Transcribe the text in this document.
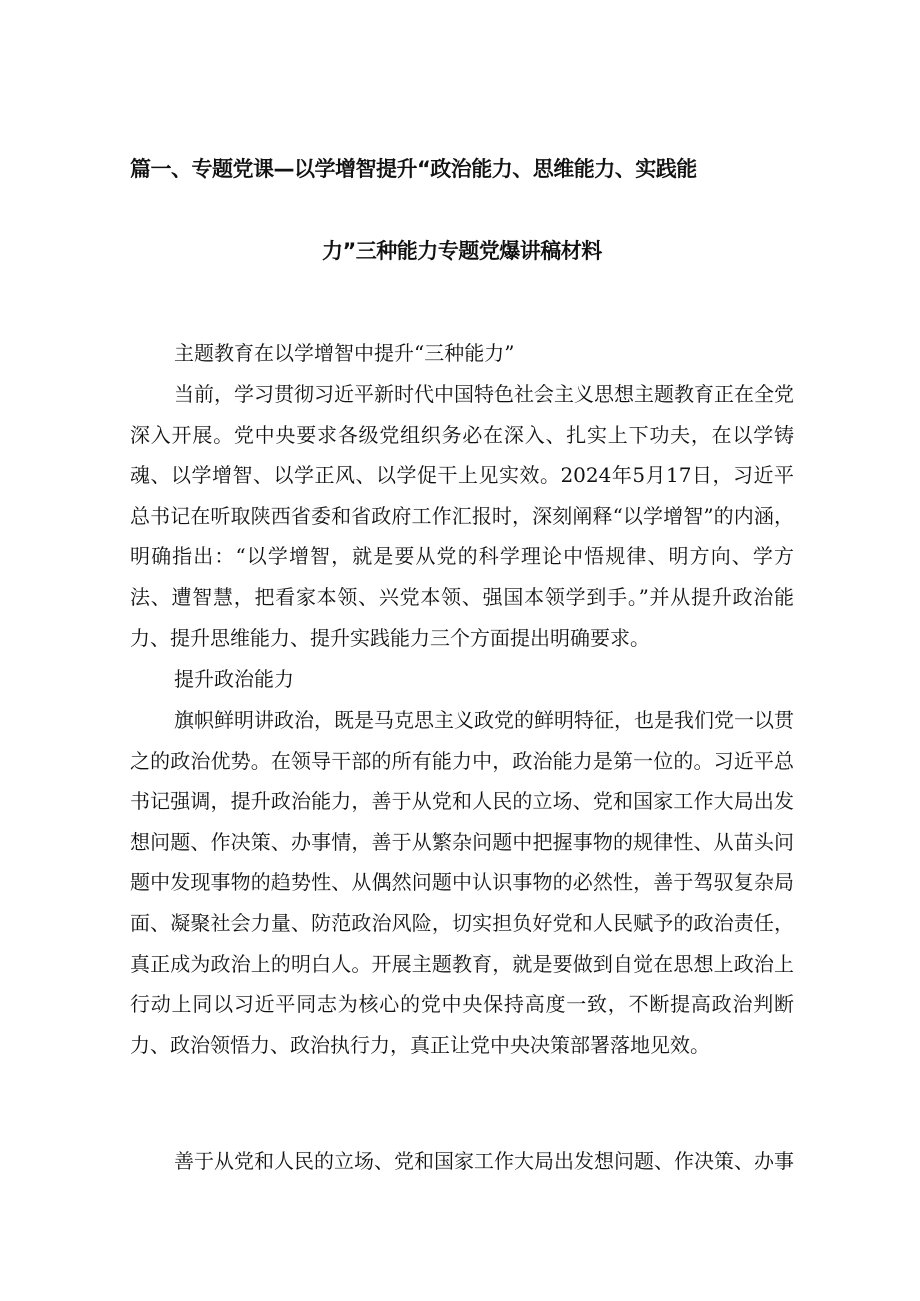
篇一、专题党课—以学增智提升“政治能力、思维能力、实践能
力”三种能力专题党爆讲稿材料

主题教育在以学增智中提升“三种能力”

当前，学习贯彻习近平新时代中国特色社会主义思想主题教育正在全党深入开展。党中央要求各级党组织务必在深入、扎实上下功夫，在以学铸魂、以学增智、以学正风、以学促干上见实效。2024年5月17日，习近平总书记在听取陕西省委和省政府工作汇报时，深刻阐释“以学增智”的内涵，明确指出：“以学增智，就是要从党的科学理论中悟规律、明方向、学方法、遭智慧，把看家本领、兴党本领、强国本领学到手。”并从提升政治能力、提升思维能力、提升实践能力三个方面提出明确要求。

提升政治能力

旗帜鲜明讲政治，既是马克思主义政党的鲜明特征，也是我们党一以贯之的政治优势。在领导干部的所有能力中，政治能力是第一位的。习近平总书记强调，提升政治能力，善于从党和人民的立场、党和国家工作大局出发想问题、作决策、办事情，善于从繁杂问题中把握事物的规律性、从苗头问题中发现事物的趋势性、从偶然问题中认识事物的必然性，善于驾驭复杂局面、凝聚社会力量、防范政治风险，切实担负好党和人民赋予的政治责任，真正成为政治上的明白人。开展主题教育，就是要做到自觉在思想上政治上行动上同以习近平同志为核心的党中央保持高度一致，不断提高政治判断力、政治领悟力、政治执行力，真正让党中央决策部署落地见效。

善于从党和人民的立场、党和国家工作大局出发想问题、作决策、办事
